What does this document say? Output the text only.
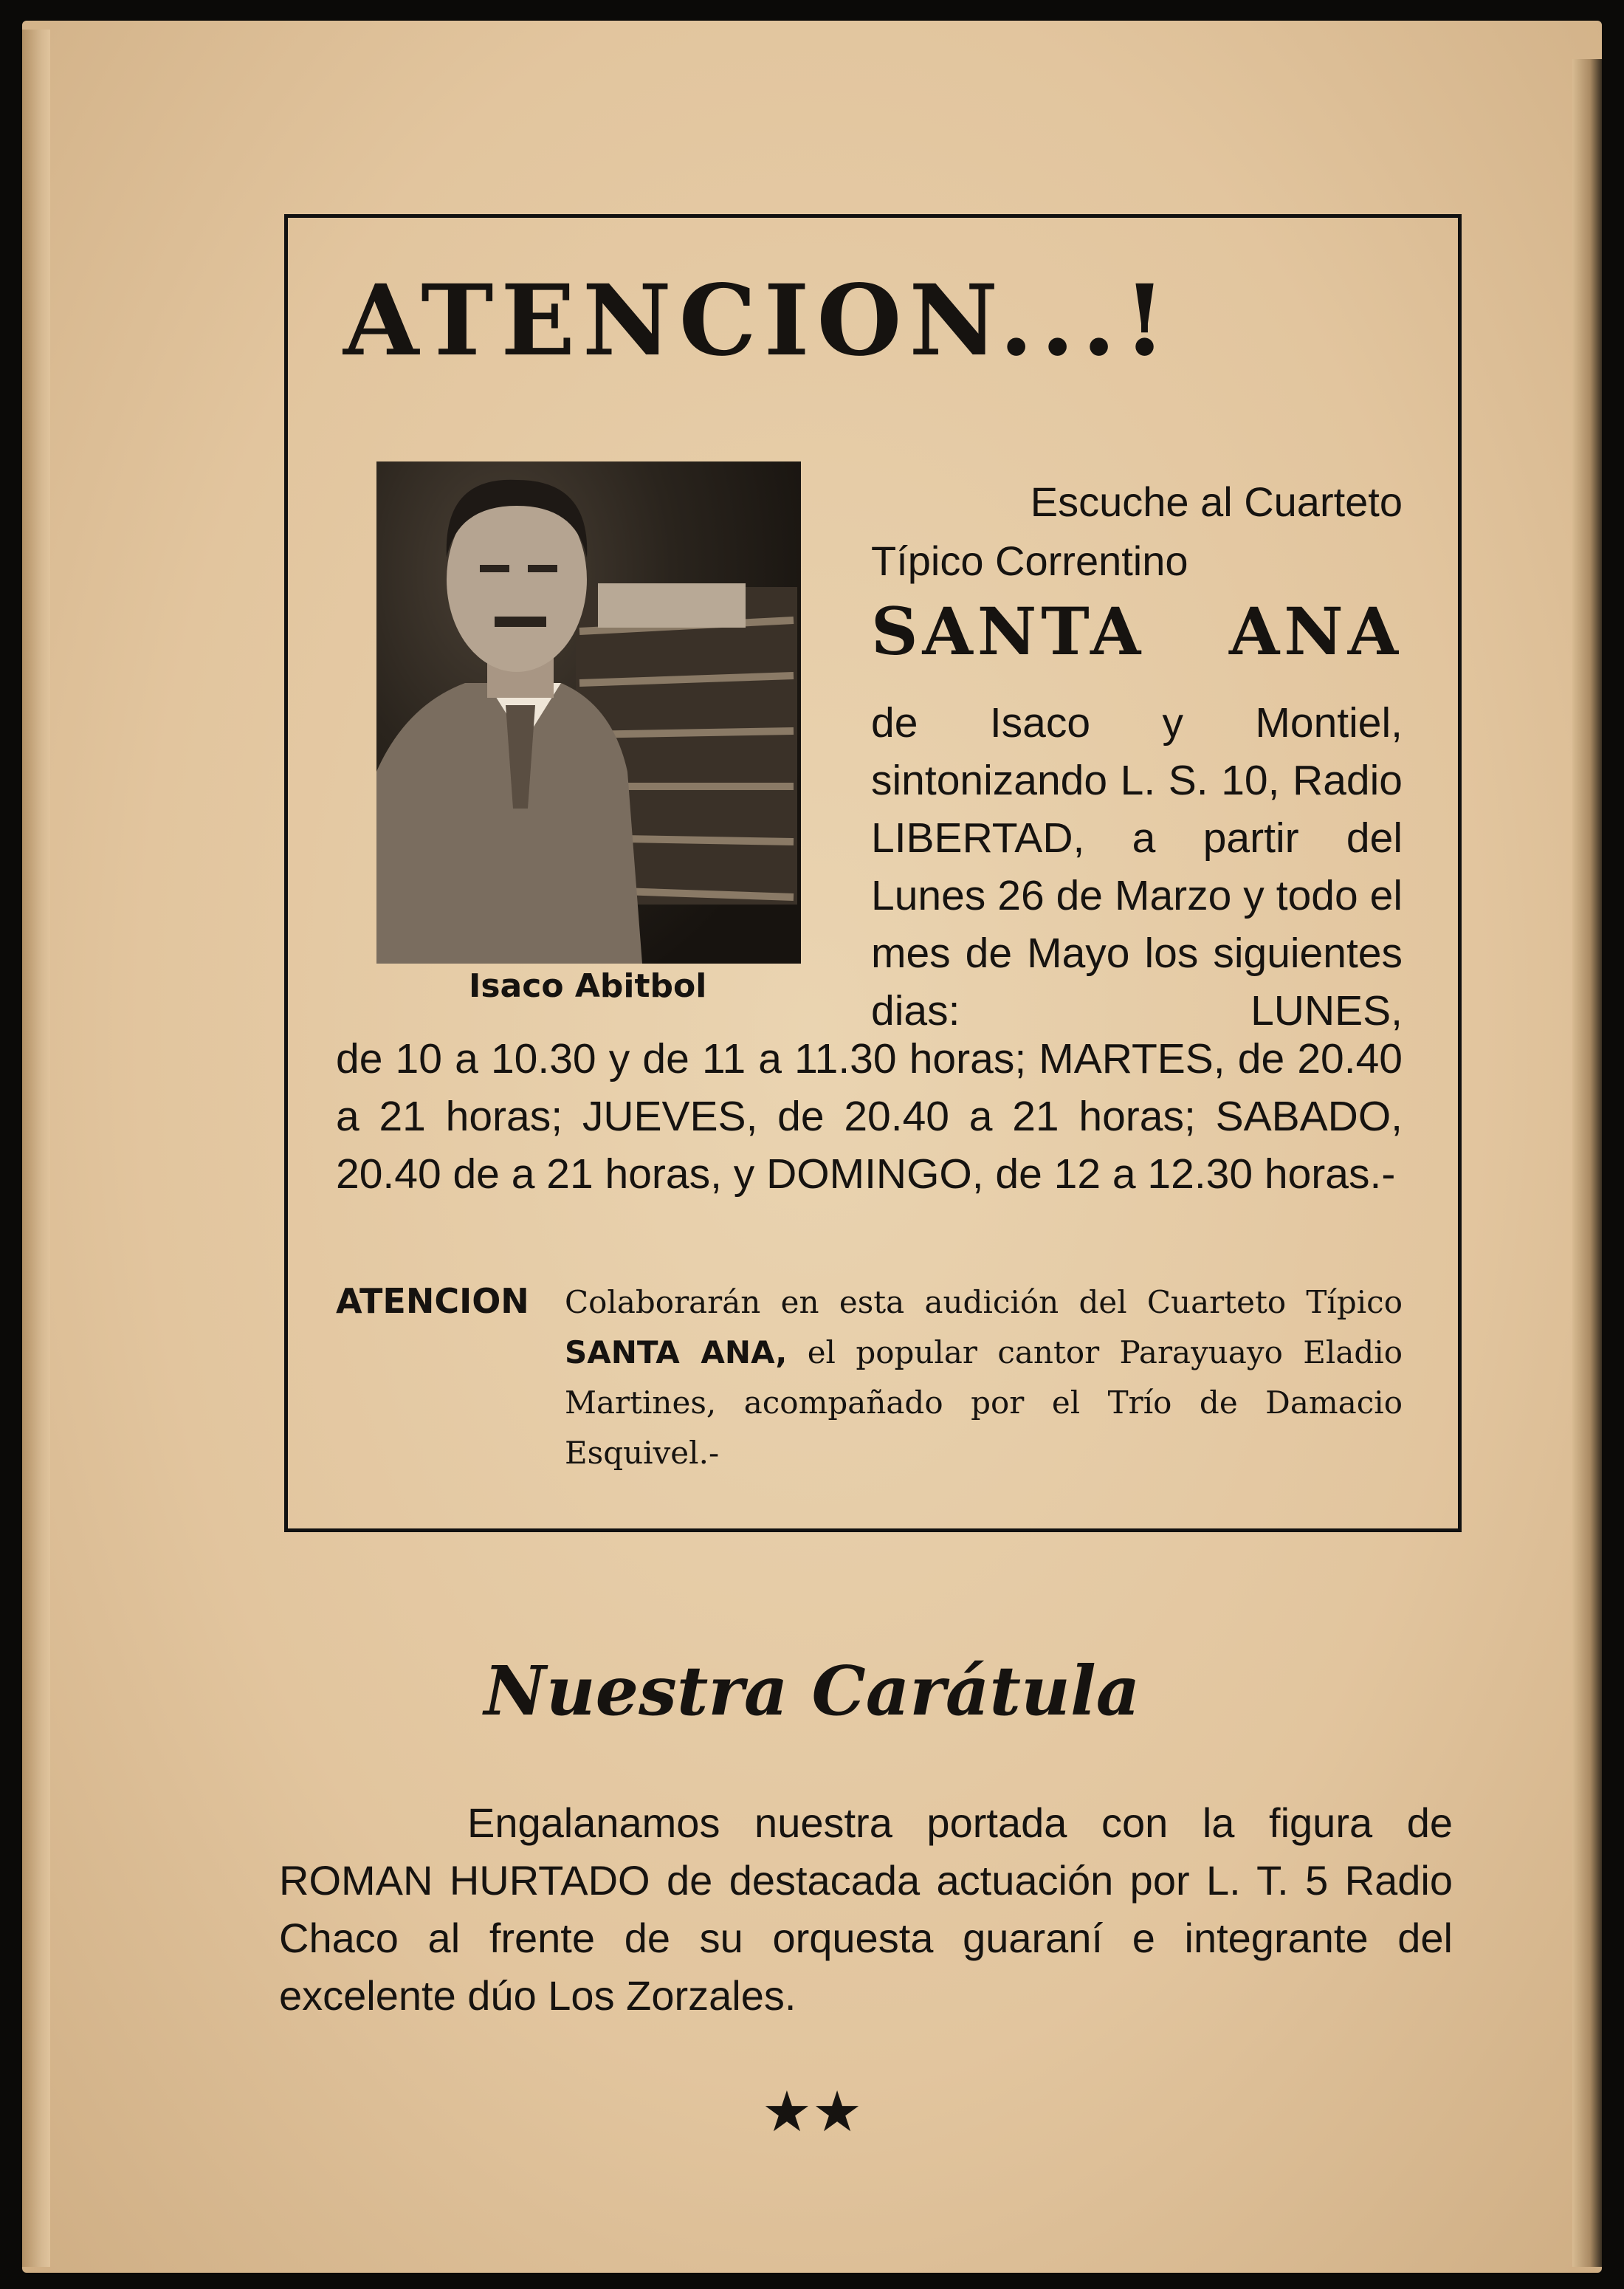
ATENCION...!
Isaco Abitbol
Escuche al Cuarteto
Típico Correntino
SANTA ANA

de Isaco y Montiel, sintonizando L. S. 10, Radio LIBERTAD, a partir del Lunes 26 de Marzo y todo el mes de Mayo los siguientes dias: LUNES,

de 10 a 10.30 y de 11 a 11.30 horas; MARTES, de 20.40 a 21 horas; JUEVES, de 20.40 a 21 horas; SABADO, 20.40 de a 21 horas, y DOMINGO, de 12 a 12.30 horas.-

ATENCION Colaborarán en esta audición del Cuarteto Típico SANTA ANA, el popular cantor Parayuayo Eladio Martines, acompañado por el Trío de Damacio Esquivel.-

Nuestra Carátula

Engalanamos nuestra portada con la figura de ROMAN HURTADO de destacada actuación por L. T. 5 Radio Chaco al frente de su orquesta guaraní e integrante del excelente dúo Los Zorzales.

★★
